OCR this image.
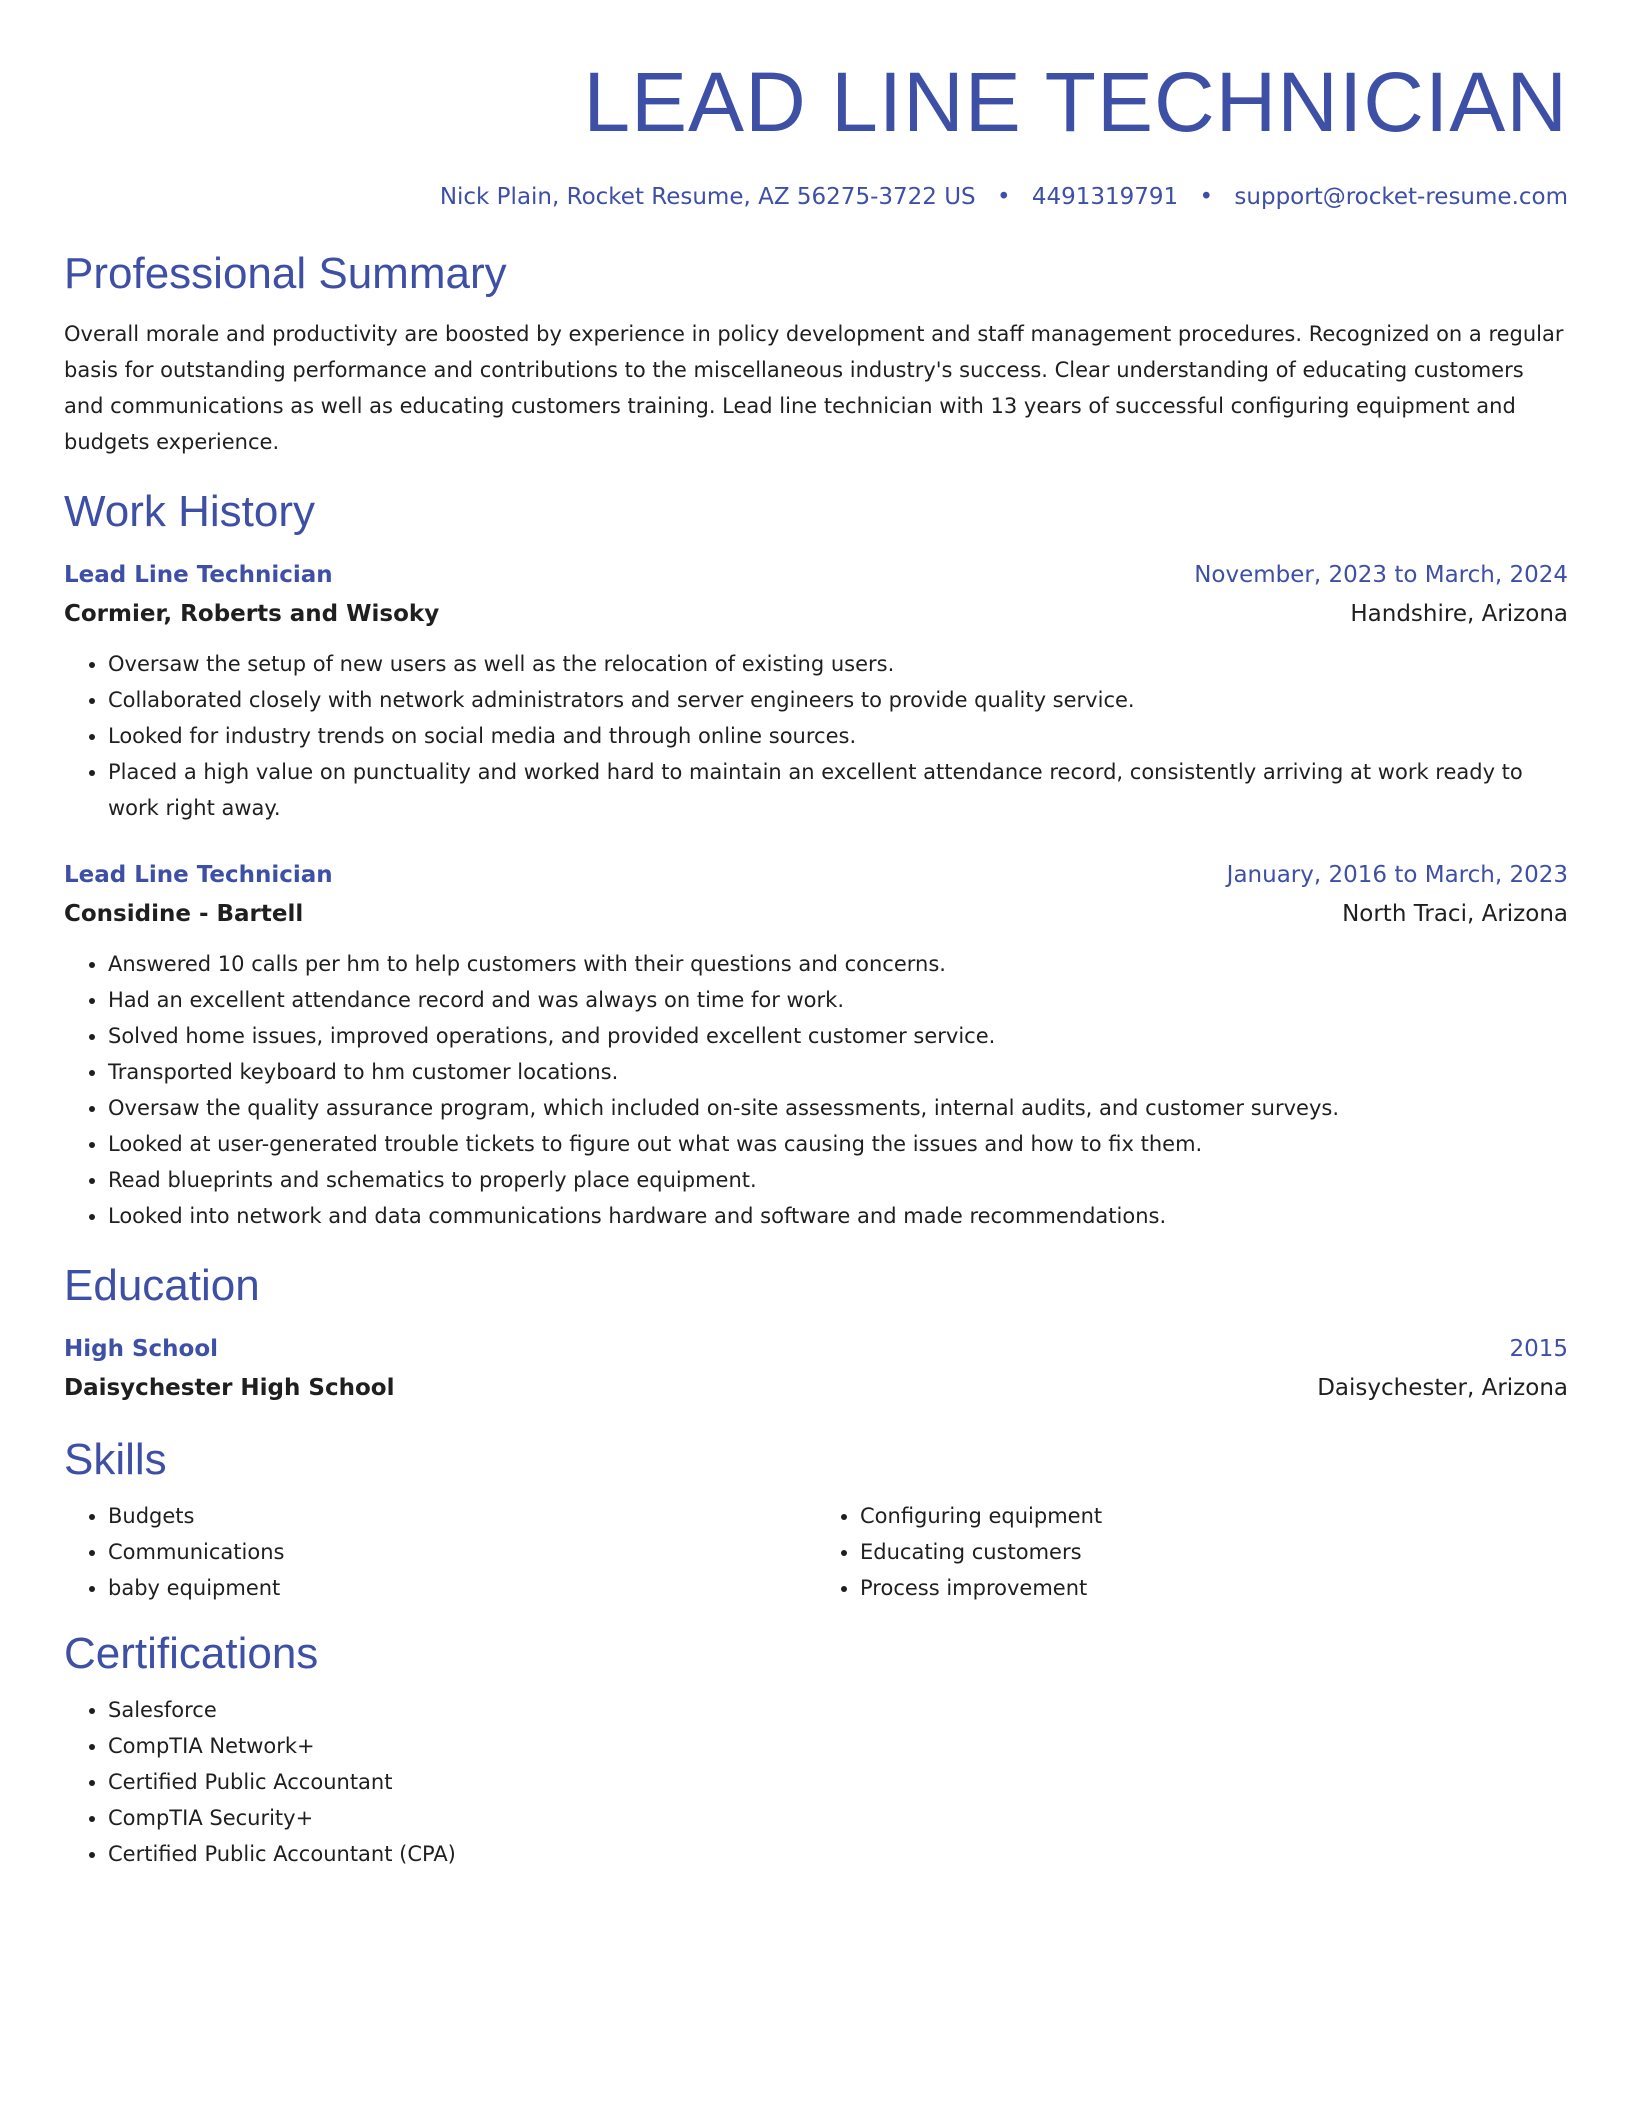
LEAD LINE TECHNICIAN
Nick Plain, Rocket Resume, AZ 56275-3722 US • 4491319791 • support@rocket-resume.com
Professional Summary
Overall morale and productivity are boosted by experience in policy development and staff management procedures. Recognized on a regular basis for outstanding performance and contributions to the miscellaneous industry's success. Clear understanding of educating customers and communications as well as educating customers training. Lead line technician with 13 years of successful configuring equipment and budgets experience.
Work History
Lead Line Technician	November, 2023 to March, 2024
Cormier, Roberts and Wisoky	Handshire, Arizona
• Oversaw the setup of new users as well as the relocation of existing users.
• Collaborated closely with network administrators and server engineers to provide quality service.
• Looked for industry trends on social media and through online sources.
• Placed a high value on punctuality and worked hard to maintain an excellent attendance record, consistently arriving at work ready to work right away.
Lead Line Technician	January, 2016 to March, 2023
Considine - Bartell	North Traci, Arizona
• Answered 10 calls per hm to help customers with their questions and concerns.
• Had an excellent attendance record and was always on time for work.
• Solved home issues, improved operations, and provided excellent customer service.
• Transported keyboard to hm customer locations.
• Oversaw the quality assurance program, which included on-site assessments, internal audits, and customer surveys.
• Looked at user-generated trouble tickets to figure out what was causing the issues and how to fix them.
• Read blueprints and schematics to properly place equipment.
• Looked into network and data communications hardware and software and made recommendations.
Education
High School	2015
Daisychester High School	Daisychester, Arizona
Skills
• Budgets
• Communications
• baby equipment
• Configuring equipment
• Educating customers
• Process improvement
Certifications
• Salesforce
• CompTIA Network+
• Certified Public Accountant
• CompTIA Security+
• Certified Public Accountant (CPA)
